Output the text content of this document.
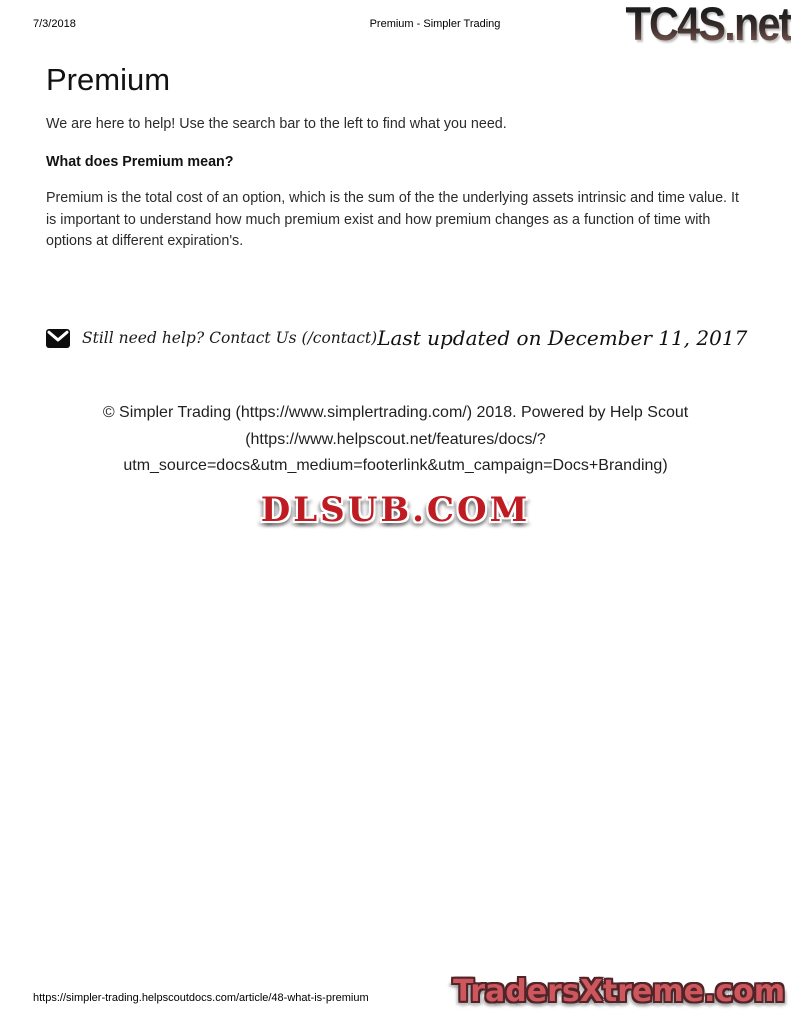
7/3/2018	Premium - Simpler Trading	TC4S.net
Premium

We are here to help! Use the search bar to the left to find what you need.

What does Premium mean?

Premium is the total cost of an option, which is the sum of the the underlying assets intrinsic and time value. It is important to understand how much premium exist and how premium changes as a function of time with options at different expiration's.

Still need help? Contact Us (/contact) Last updated on December 11, 2017
© Simpler Trading (https://www.simplertrading.com/) 2018. Powered by Help Scout
(https://www.helpscout.net/features/docs/?
utm_source=docs&utm_medium=footerlink&utm_campaign=Docs+Branding)
DLSUB.COM
https://simpler-trading.helpscoutdocs.com/article/48-what-is-premium	TradersXtreme.com
